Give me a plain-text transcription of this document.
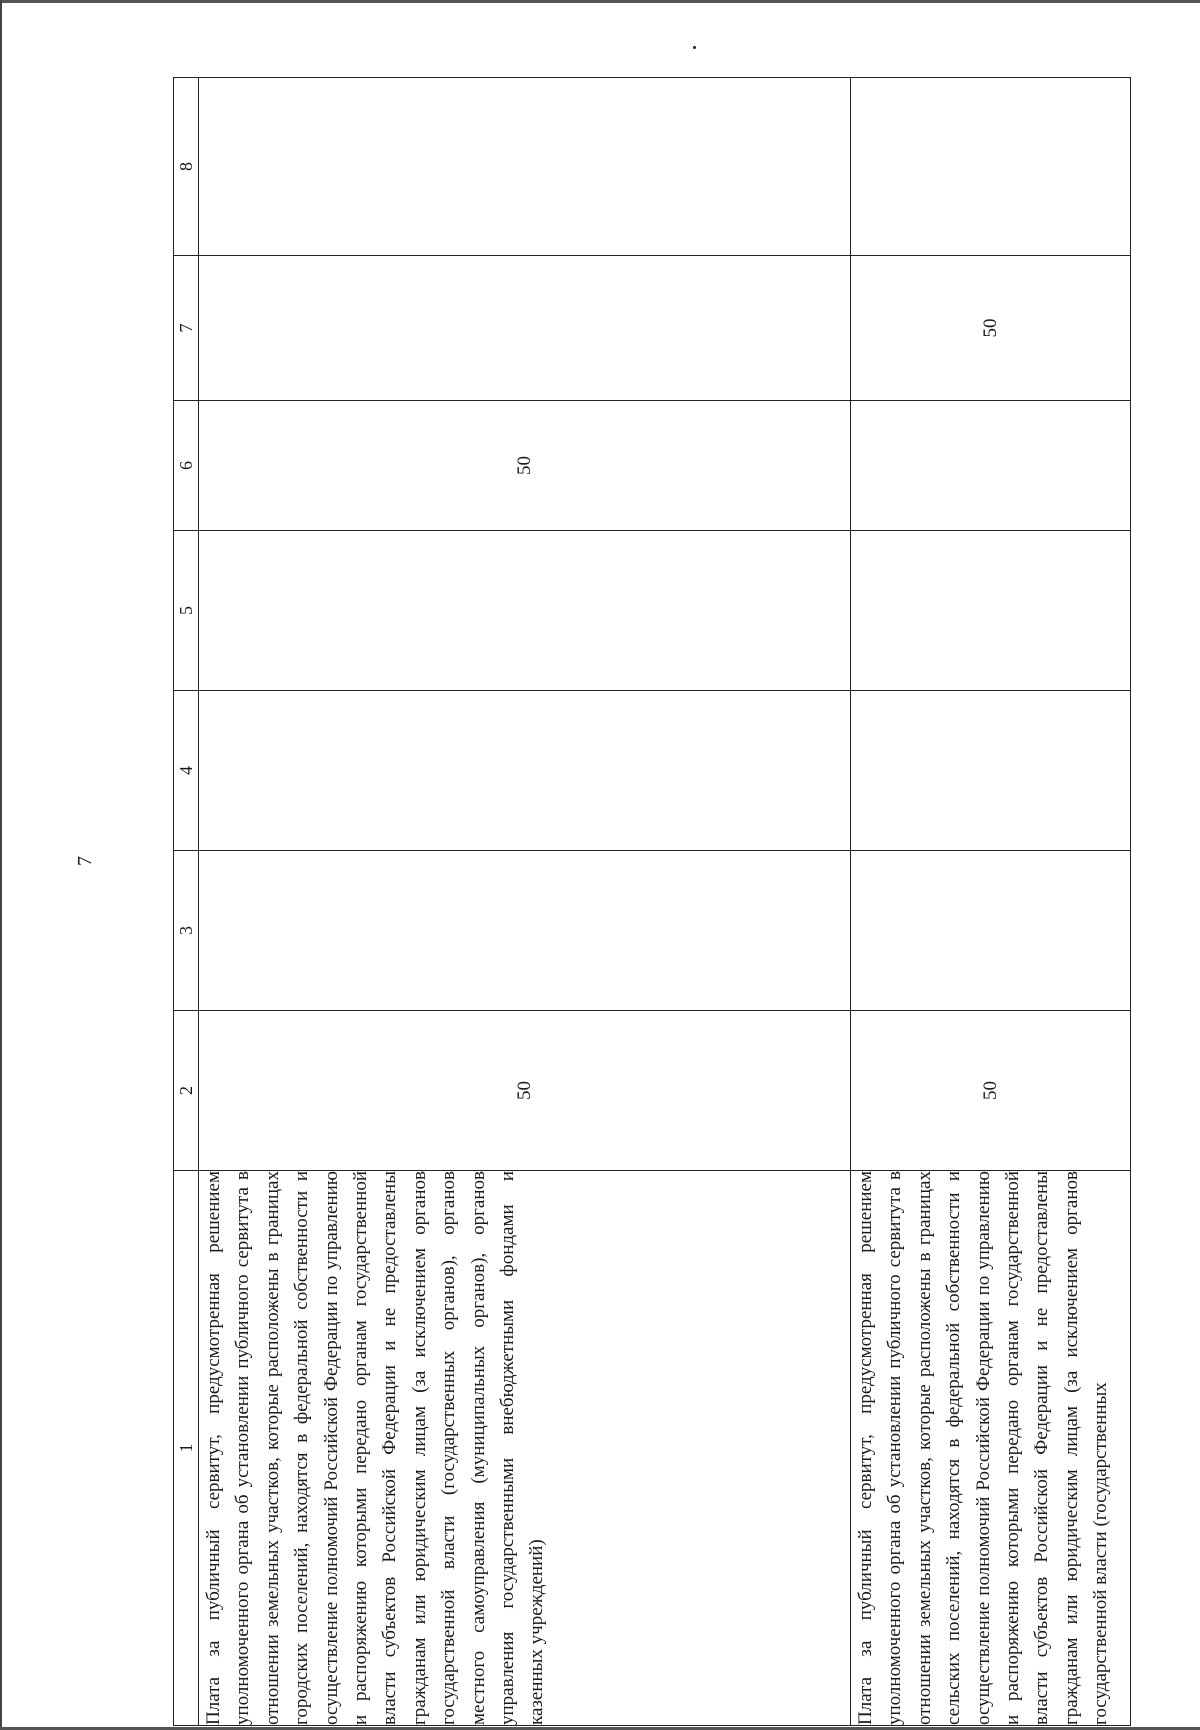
7
1	2	3	4	5	6	7	8

Плата за публичный сервитут, предусмотренная решением уполномоченного органа об установлении публичного сервитута в отношении земельных участков, которые расположены в границах городских поселений, находятся в федеральной собственности и осуществление полномочий Российской Федерации по управлению и распоряжению которыми передано органам государственной власти субъектов Российской Федерации и не предоставлены гражданам или юридическим лицам (за исключением органов государственной власти (государственных органов), органов местного самоуправления (муниципальных органов), органов управления государственными внебюджетными фондами и казенных учреждений)	50				50		

Плата за публичный сервитут, предусмотренная решением уполномоченного органа об установлении публичного сервитута в отношении земельных участков, которые расположены в границах сельских поселений, находятся в федеральной собственности и осуществление полномочий Российской Федерации по управлению и распоряжению которыми передано органам государственной власти субъектов Российской Федерации и не предоставлены гражданам или юридическим лицам (за исключением органов государственной власти (государственных	50					50	
